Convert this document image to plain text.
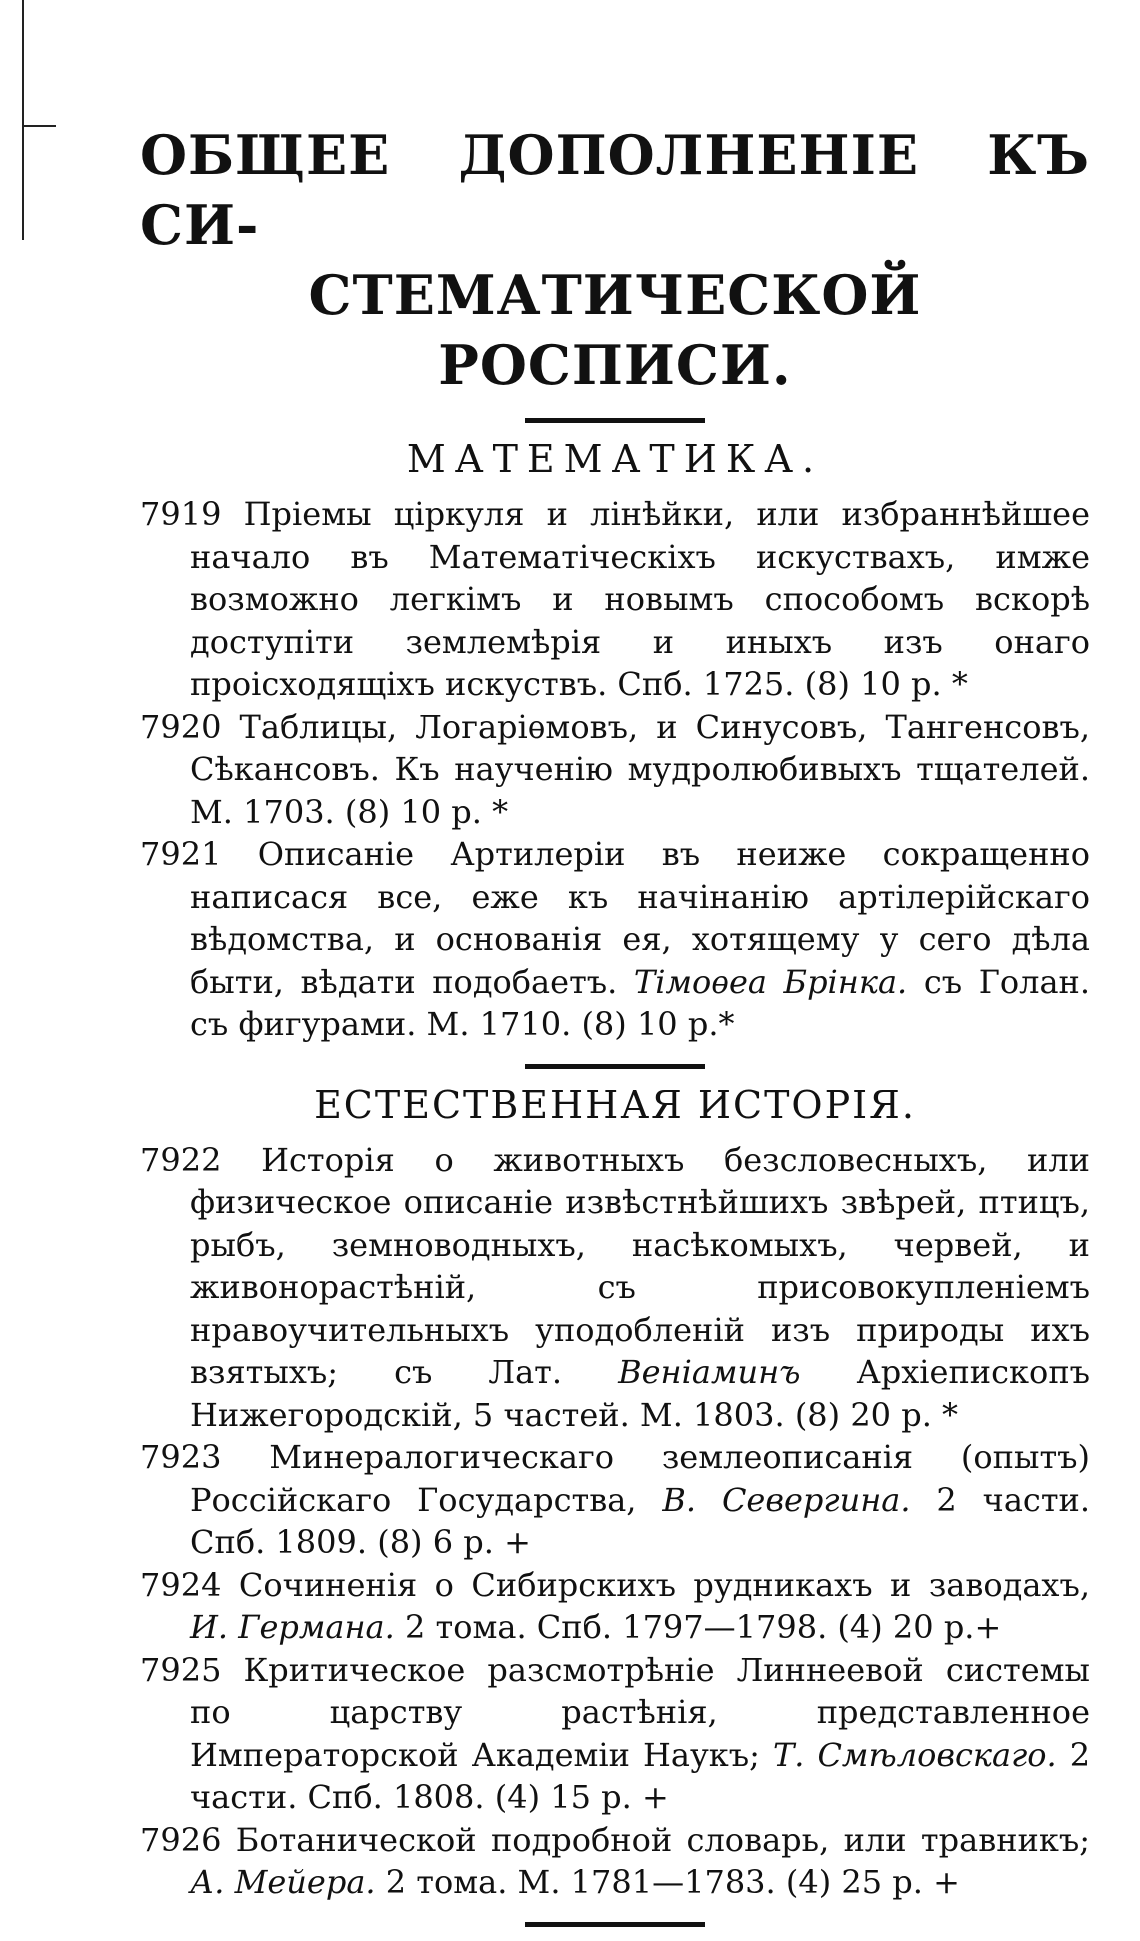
ОБЩЕЕ ДОПОЛНЕНІЕ КЪ СИ-
СТЕМАТИЧЕСКОЙ РОСПИСИ.
МАТЕМАТИКА.

7919 Пріемы ціркуля и лінѣйки, или избраннѣйшее начало въ Математіческіхъ искуствахъ, имже возможно легкімъ и новымъ способомъ вскорѣ доступіти землемѣрія и иныхъ изъ онаго проісходящіхъ искуствъ. Спб. 1725. (8) 10 р. *

7920 Таблицы, Логаріѳмовъ, и Синусовъ, Тангенсовъ, Сѣкансовъ. Къ наученію мудролюбивыхъ тщателей. М. 1703. (8) 10 р. *

7921 Описаніе Артилеріи въ неиже сокращенно написася все, еже къ начінанію артілерійскаго вѣдомства, и основанія ея, хотящему у сего дѣла быти, вѣдати подобаетъ. Тімоѳеа Брінка. съ Голан. съ фигурами. М. 1710. (8) 10 р.*

ЕСТЕСТВЕННАЯ ИСТОРІЯ.

7922 Исторія о животныхъ безсловесныхъ, или физическое описаніе извѣстнѣйшихъ звѣрей, птицъ, рыбъ, земноводныхъ, насѣкомыхъ, червей, и живонорастѣній, съ присовокупленіемъ нравоучительныхъ уподобленій изъ природы ихъ взятыхъ; съ Лат. Веніаминъ Архіепископъ Нижегородскій, 5 частей. М. 1803. (8) 20 р. *

7923 Минералогическаго землеописанія (опытъ) Россійскаго Государства, В. Севергина. 2 части. Спб. 1809. (8) 6 р. +

7924 Сочиненія о Сибирскихъ рудникахъ и заводахъ, И. Германа. 2 тома. Спб. 1797—1798. (4) 20 р.+

7925 Критическое разсмотрѣніе Линнеевой системы по царству растѣнія, представленное Императорской Академіи Наукъ; Т. Смѣловскаго. 2 части. Спб. 1808. (4) 15 р. +

7926 Ботанической подробной словарь, или травникъ; А. Мейера. 2 тома. М. 1781—1783. (4) 25 р. +
